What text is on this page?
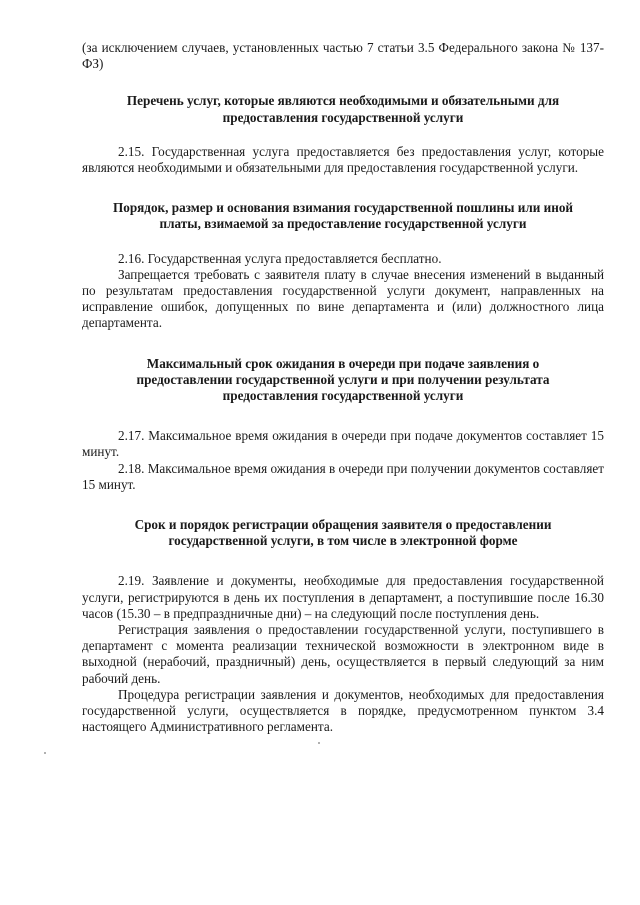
(за исключением случаев, установленных частью 7 статьи 3.5 Федерального закона № 137-ФЗ)

Перечень услуг, которые являются необходимыми и обязательными для предоставления государственной услуги

2.15. Государственная услуга предоставляется без предоставления услуг, которые являются необходимыми и обязательными для предоставления государственной услуги.

Порядок, размер и основания взимания государственной пошлины или иной платы, взимаемой за предоставление государственной услуги

2.16. Государственная услуга предоставляется бесплатно.

Запрещается требовать с заявителя плату в случае внесения изменений в выданный по результатам предоставления государственной услуги документ, направленных на исправление ошибок, допущенных по вине департамента и (или) должностного лица департамента.

Максимальный срок ожидания в очереди при подаче заявления о предоставлении государственной услуги и при получении результата предоставления государственной услуги

2.17. Максимальное время ожидания в очереди при подаче документов составляет 15 минут.

2.18. Максимальное время ожидания в очереди при получении документов составляет 15 минут.

Срок и порядок регистрации обращения заявителя о предоставлении государственной услуги, в том числе в электронной форме

2.19. Заявление и документы, необходимые для предоставления государственной услуги, регистрируются в день их поступления в департамент, а поступившие после 16.30 часов (15.30 – в предпраздничные дни) – на следующий после поступления день.

Регистрация заявления о предоставлении государственной услуги, поступившего в департамент с момента реализации технической возможности в электронном виде в выходной (нерабочий, праздничный) день, осуществляется в первый следующий за ним рабочий день.

Процедура регистрации заявления и документов, необходимых для предоставления государственной услуги, осуществляется в порядке, предусмотренном пунктом 3.4 настоящего Административного регламента.
